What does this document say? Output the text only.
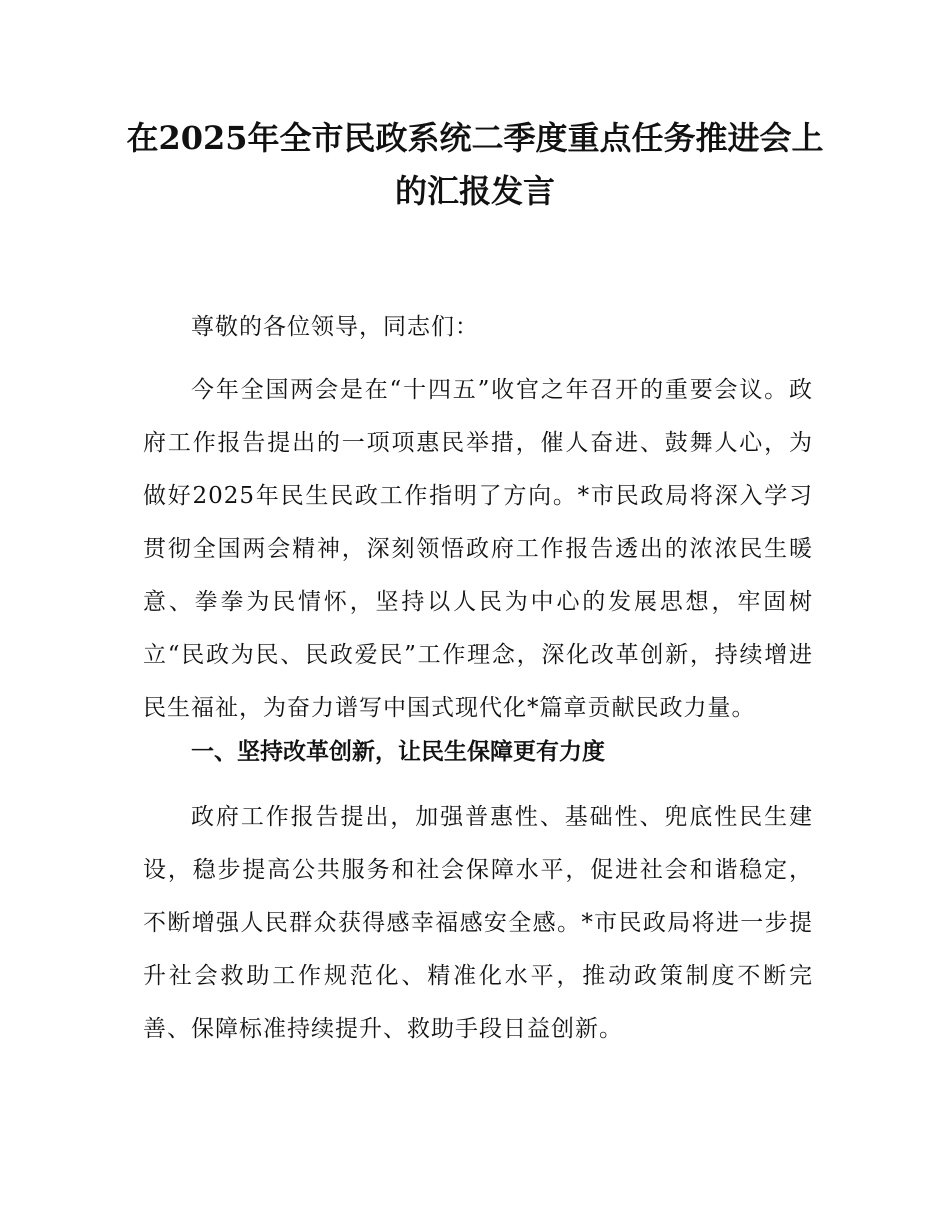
在2025年全市民政系统二季度重点任务推进会上的汇报发言

尊敬的各位领导，同志们：

今年全国两会是在“十四五”收官之年召开的重要会议。政府工作报告提出的一项项惠民举措，催人奋进、鼓舞人心，为做好2025年民生民政工作指明了方向。*市民政局将深入学习贯彻全国两会精神，深刻领悟政府工作报告透出的浓浓民生暖意、拳拳为民情怀，坚持以人民为中心的发展思想，牢固树立“民政为民、民政爱民”工作理念，深化改革创新，持续增进民生福祉，为奋力谱写中国式现代化*篇章贡献民政力量。

一、坚持改革创新，让民生保障更有力度

政府工作报告提出，加强普惠性、基础性、兜底性民生建设，稳步提高公共服务和社会保障水平，促进社会和谐稳定，不断增强人民群众获得感幸福感安全感。*市民政局将进一步提升社会救助工作规范化、精准化水平，推动政策制度不断完善、保障标准持续提升、救助手段日益创新。
